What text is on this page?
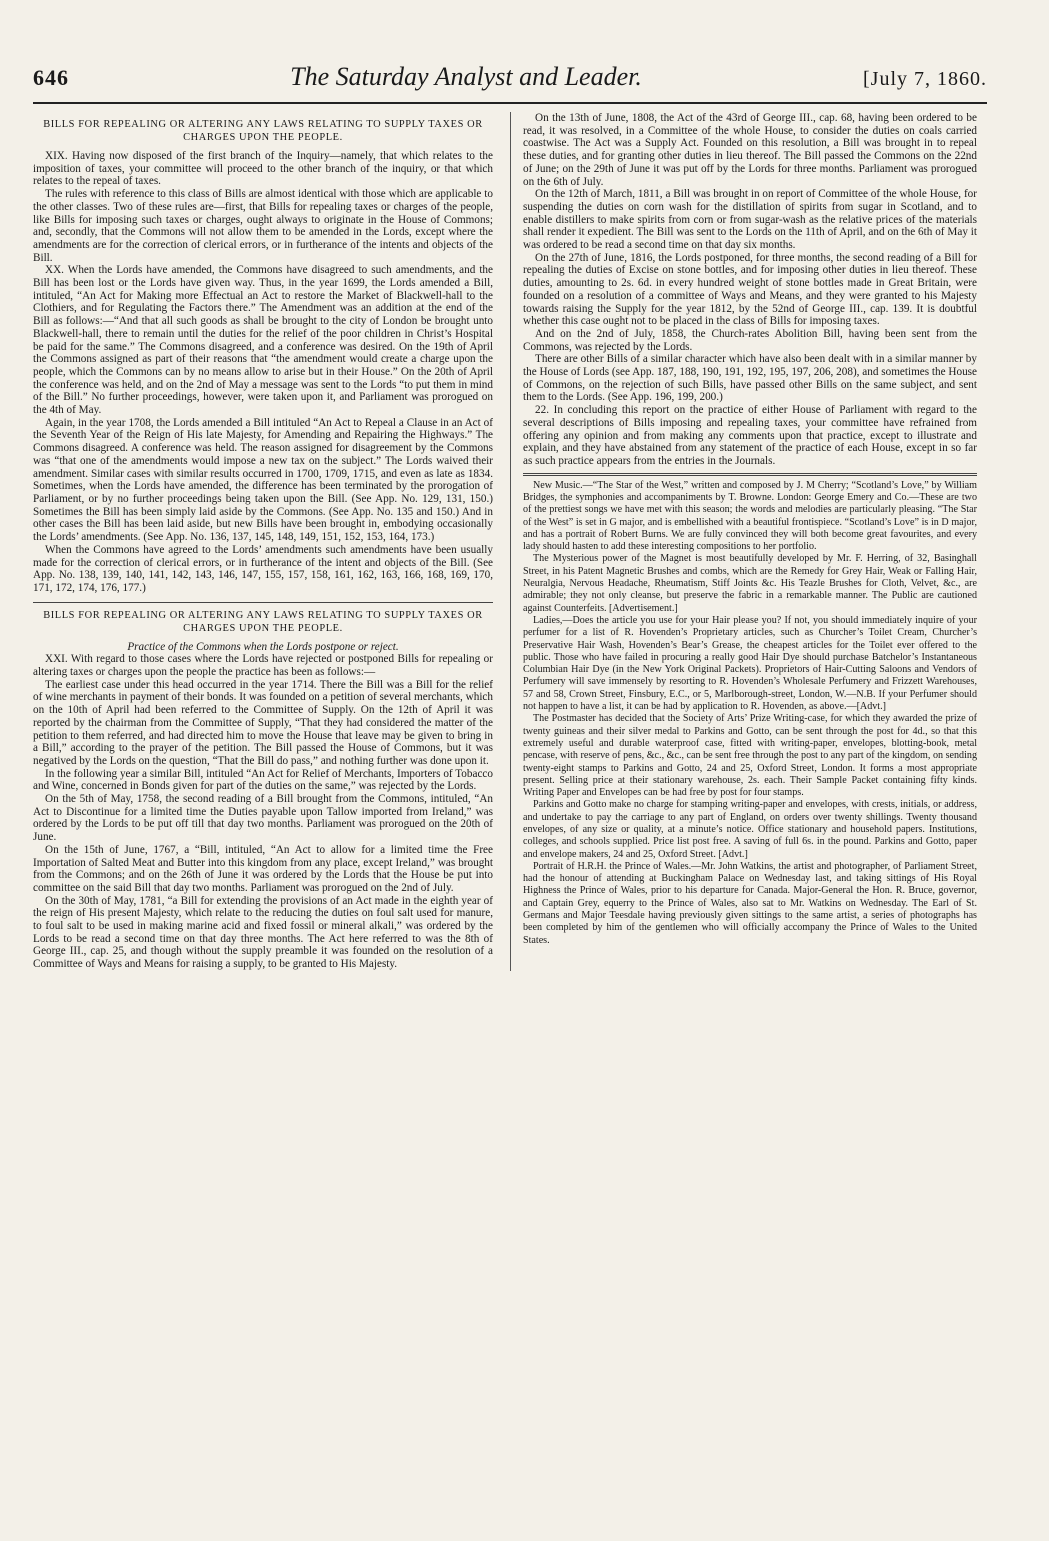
646	The Saturday Analyst and Leader.	[July 7, 1860.
BILLS FOR REPEALING OR ALTERING ANY LAWS RELATING TO SUPPLY TAXES OR CHARGES UPON THE PEOPLE.

XIX. Having now disposed of the first branch of the Inquiry—namely, that which relates to the imposition of taxes, your committee will proceed to the other branch of the inquiry, or that which relates to the repeal of taxes.

The rules with reference to this class of Bills are almost identical with those which are applicable to the other classes. Two of these rules are—first, that Bills for repealing taxes or charges of the people, like Bills for imposing such taxes or charges, ought always to originate in the House of Commons; and, secondly, that the Commons will not allow them to be amended in the Lords, except where the amendments are for the correction of clerical errors, or in furtherance of the intents and objects of the Bill.

XX. When the Lords have amended, the Commons have disagreed to such amendments, and the Bill has been lost or the Lords have given way. Thus, in the year 1699, the Lords amended a Bill, intituled, “An Act for Making more Effectual an Act to restore the Market of Blackwell-hall to the Clothiers, and for Regulating the Factors there.” The Amendment was an addition at the end of the Bill as follows:—“And that all such goods as shall be brought to the city of London be brought unto Blackwell-hall, there to remain until the duties for the relief of the poor children in Christ’s Hospital be paid for the same.” The Commons disagreed, and a conference was desired. On the 19th of April the Commons assigned as part of their reasons that “the amendment would create a charge upon the people, which the Commons can by no means allow to arise but in their House.” On the 20th of April the conference was held, and on the 2nd of May a message was sent to the Lords “to put them in mind of the Bill.” No further proceedings, however, were taken upon it, and Parliament was prorogued on the 4th of May.

Again, in the year 1708, the Lords amended a Bill intituled “An Act to Repeal a Clause in an Act of the Seventh Year of the Reign of His late Majesty, for Amending and Repairing the Highways.” The Commons disagreed. A conference was held. The reason assigned for disagreement by the Commons was “that one of the amendments would impose a new tax on the subject.” The Lords waived their amendment. Similar cases with similar results occurred in 1700, 1709, 1715, and even as late as 1834. Sometimes, when the Lords have amended, the difference has been terminated by the prorogation of Parliament, or by no further proceedings being taken upon the Bill. (See App. No. 129, 131, 150.) Sometimes the Bill has been simply laid aside by the Commons. (See App. No. 135 and 150.) And in other cases the Bill has been laid aside, but new Bills have been brought in, embodying occasionally the Lords’ amendments. (See App. No. 136, 137, 145, 148, 149, 151, 152, 153, 164, 173.)

When the Commons have agreed to the Lords’ amendments such amendments have been usually made for the correction of clerical errors, or in furtherance of the intent and objects of the Bill. (See App. No. 138, 139, 140, 141, 142, 143, 146, 147, 155, 157, 158, 161, 162, 163, 166, 168, 169, 170, 171, 172, 174, 176, 177.)

BILLS FOR REPEALING OR ALTERING ANY LAWS RELATING TO SUPPLY TAXES OR CHARGES UPON THE PEOPLE.

Practice of the Commons when the Lords postpone or reject.

XXI. With regard to those cases where the Lords have rejected or postponed Bills for repealing or altering taxes or charges upon the people the practice has been as follows:—

The earliest case under this head occurred in the year 1714. There the Bill was a Bill for the relief of wine merchants in payment of their bonds. It was founded on a petition of several merchants, which on the 10th of April had been referred to the Committee of Supply. On the 12th of April it was reported by the chairman from the Committee of Supply, “That they had considered the matter of the petition to them referred, and had directed him to move the House that leave may be given to bring in a Bill,” according to the prayer of the petition. The Bill passed the House of Commons, but it was negatived by the Lords on the question, “That the Bill do pass,” and nothing further was done upon it.

In the following year a similar Bill, intituled “An Act for Relief of Merchants, Importers of Tobacco and Wine, concerned in Bonds given for part of the duties on the same,” was rejected by the Lords.

On the 5th of May, 1758, the second reading of a Bill brought from the Commons, intituled, “An Act to Discontinue for a limited time the Duties payable upon Tallow imported from Ireland,” was ordered by the Lords to be put off till that day two months. Parliament was prorogued on the 20th of June.

On the 15th of June, 1767, a “Bill, intituled, “An Act to allow for a limited time the Free Importation of Salted Meat and Butter into this kingdom from any place, except Ireland,” was brought from the Commons; and on the 26th of June it was ordered by the Lords that the House be put into committee on the said Bill that day two months. Parliament was prorogued on the 2nd of July.

On the 30th of May, 1781, “a Bill for extending the provisions of an Act made in the eighth year of the reign of His present Majesty, which relate to the reducing the duties on foul salt used for manure, to foul salt to be used in making marine acid and fixed fossil or mineral alkali,” was ordered by the Lords to be read a second time on that day three months. The Act here referred to was the 8th of George III., cap. 25, and though without the supply preamble it was founded on the resolution of a Committee of Ways and Means for raising a supply, to be granted to His Majesty.

On the 13th of June, 1808, the Act of the 43rd of George III., cap. 68, having been ordered to be read, it was resolved, in a Committee of the whole House, to consider the duties on coals carried coastwise. The Act was a Supply Act. Founded on this resolution, a Bill was brought in to repeal these duties, and for granting other duties in lieu thereof. The Bill passed the Commons on the 22nd of June; on the 29th of June it was put off by the Lords for three months. Parliament was prorogued on the 6th of July.

On the 12th of March, 1811, a Bill was brought in on report of Committee of the whole House, for suspending the duties on corn wash for the distillation of spirits from sugar in Scotland, and to enable distillers to make spirits from corn or from sugar-wash as the relative prices of the materials shall render it expedient. The Bill was sent to the Lords on the 11th of April, and on the 6th of May it was ordered to be read a second time on that day six months.

On the 27th of June, 1816, the Lords postponed, for three months, the second reading of a Bill for repealing the duties of Excise on stone bottles, and for imposing other duties in lieu thereof. These duties, amounting to 2s. 6d. in every hundred weight of stone bottles made in Great Britain, were founded on a resolution of a committee of Ways and Means, and they were granted to his Majesty towards raising the Supply for the year 1812, by the 52nd of George III., cap. 139. It is doubtful whether this case ought not to be placed in the class of Bills for imposing taxes.

And on the 2nd of July, 1858, the Church-rates Abolition Bill, having been sent from the Commons, was rejected by the Lords.

There are other Bills of a similar character which have also been dealt with in a similar manner by the House of Lords (see App. 187, 188, 190, 191, 192, 195, 197, 206, 208), and sometimes the House of Commons, on the rejection of such Bills, have passed other Bills on the same subject, and sent them to the Lords. (See App. 196, 199, 200.)

22. In concluding this report on the practice of either House of Parliament with regard to the several descriptions of Bills imposing and repealing taxes, your committee have refrained from offering any opinion and from making any comments upon that practice, except to illustrate and explain, and they have abstained from any statement of the practice of each House, except in so far as such practice appears from the entries in the Journals.

New Music.—“The Star of the West,” written and composed by J. M Cherry; “Scotland’s Love,” by William Bridges, the symphonies and accompaniments by T. Browne. London: George Emery and Co.—These are two of the prettiest songs we have met with this season; the words and melodies are particularly pleasing. “The Star of the West” is set in G major, and is embellished with a beautiful frontispiece. “Scotland’s Love” is in D major, and has a portrait of Robert Burns. We are fully convinced they will both become great favourites, and every lady should hasten to add these interesting compositions to her portfolio.

The Mysterious power of the Magnet is most beautifully developed by Mr. F. Herring, of 32, Basinghall Street, in his Patent Magnetic Brushes and combs, which are the Remedy for Grey Hair, Weak or Falling Hair, Neuralgia, Nervous Headache, Rheumatism, Stiff Joints &c. His Teazle Brushes for Cloth, Velvet, &c., are admirable; they not only cleanse, but preserve the fabric in a remarkable manner. The Public are cautioned against Counterfeits. [Advertisement.]

Ladies,—Does the article you use for your Hair please you? If not, you should immediately inquire of your perfumer for a list of R. Hovenden’s Proprietary articles, such as Churcher’s Toilet Cream, Churcher’s Preservative Hair Wash, Hovenden’s Bear’s Grease, the cheapest articles for the Toilet ever offered to the public. Those who have failed in procuring a really good Hair Dye should purchase Batchelor’s Instantaneous Columbian Hair Dye (in the New York Original Packets). Proprietors of Hair-Cutting Saloons and Vendors of Perfumery will save immensely by resorting to R. Hovenden’s Wholesale Perfumery and Frizzett Warehouses, 57 and 58, Crown Street, Finsbury, E.C., or 5, Marlborough-street, London, W.—N.B. If your Perfumer should not happen to have a list, it can be had by application to R. Hovenden, as above.—[Advt.]

The Postmaster has decided that the Society of Arts’ Prize Writing-case, for which they awarded the prize of twenty guineas and their silver medal to Parkins and Gotto, can be sent through the post for 4d., so that this extremely useful and durable waterproof case, fitted with writing-paper, envelopes, blotting-book, metal pencase, with reserve of pens, &c., &c., can be sent free through the post to any part of the kingdom, on sending twenty-eight stamps to Parkins and Gotto, 24 and 25, Oxford Street, London. It forms a most appropriate present. Selling price at their stationary warehouse, 2s. each. Their Sample Packet containing fifty kinds. Writing Paper and Envelopes can be had free by post for four stamps.

Parkins and Gotto make no charge for stamping writing-paper and envelopes, with crests, initials, or address, and undertake to pay the carriage to any part of England, on orders over twenty shillings. Twenty thousand envelopes, of any size or quality, at a minute’s notice. Office stationary and household papers. Institutions, colleges, and schools supplied. Price list post free. A saving of full 6s. in the pound. Parkins and Gotto, paper and envelope makers, 24 and 25, Oxford Street. [Advt.]

Portrait of H.R.H. the Prince of Wales.—Mr. John Watkins, the artist and photographer, of Parliament Street, had the honour of attending at Buckingham Palace on Wednesday last, and taking sittings of His Royal Highness the Prince of Wales, prior to his departure for Canada. Major-General the Hon. R. Bruce, governor, and Captain Grey, equerry to the Prince of Wales, also sat to Mr. Watkins on Wednesday. The Earl of St. Germans and Major Teesdale having previously given sittings to the same artist, a series of photographs has been completed by him of the gentlemen who will officially accompany the Prince of Wales to the United States.
